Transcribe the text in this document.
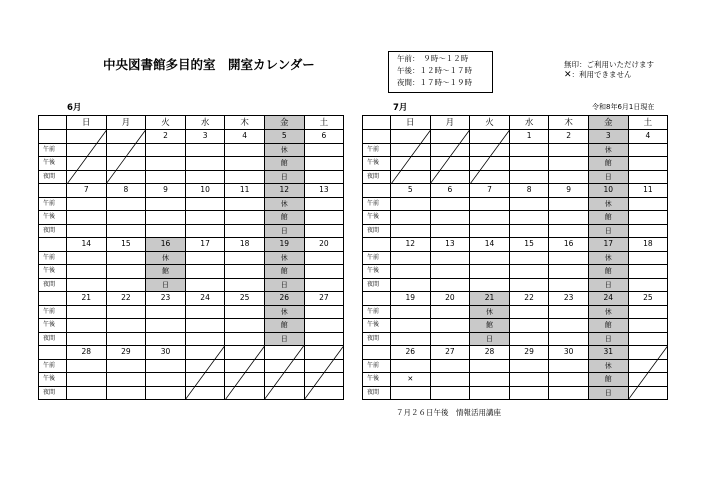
中央図書館多目的室　開室カレンダー	午前：　９時～１２時
午後：１２時～１７時
夜間：１７時～１９時
無印：ご利用いただけます
✕：利用できません
6月	7月	令和8年6月1日現在
	日	月	火	水	木	金	土
			2	3	4	5	6
午前						休	
午後						館	
夜間						日	
	7	8	9	10	11	12	13
午前						休	
午後						館	
夜間						日	
	14	15	16	17	18	19	20
午前			休			休	
午後			館			館	
夜間			日			日	
	21	22	23	24	25	26	27
午前						休	
午後						館	
夜間						日	
	28	29	30				
午前							
午後							
夜間							
	日	月	火	水	木	金	土
				1	2	3	4
午前						休	
午後						館	
夜間						日	
	5	6	7	8	9	10	11
午前						休	
午後						館	
夜間						日	
	12	13	14	15	16	17	18
午前						休	
午後						館	
夜間						日	
	19	20	21	22	23	24	25
午前			休			休	
午後			館			館	
夜間			日			日	
	26	27	28	29	30	31	
午前						休	
午後	✕					館	
夜間						日	
７月２６日午後　情報活用講座
